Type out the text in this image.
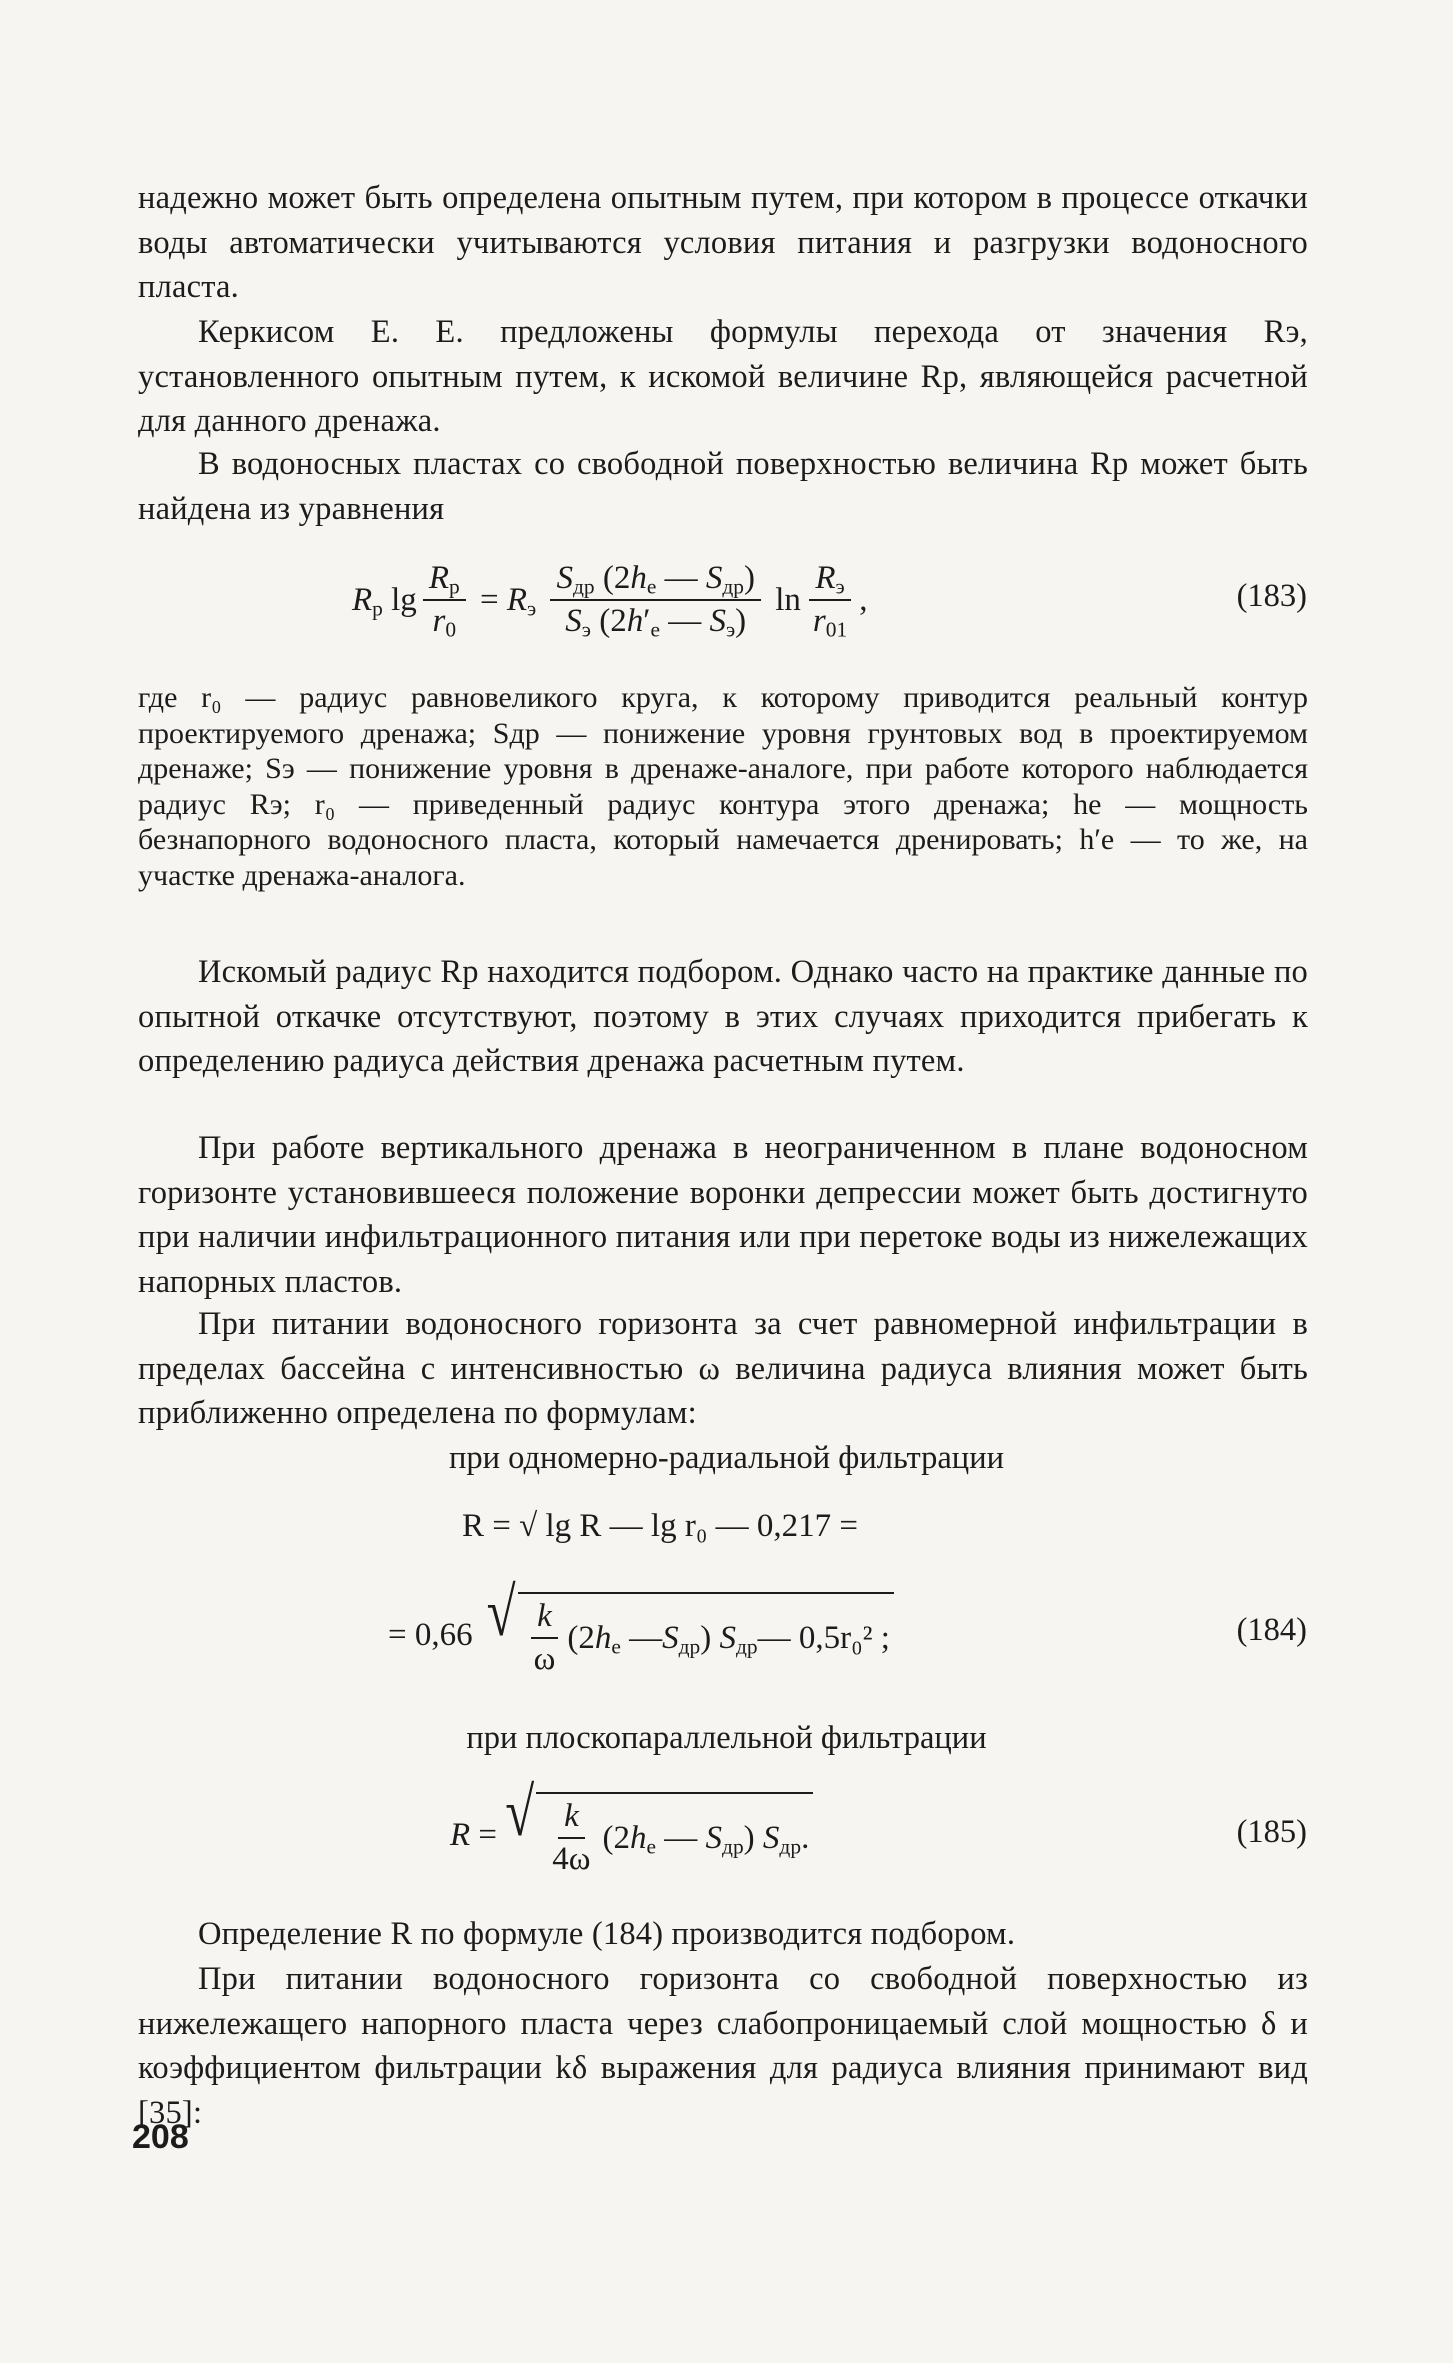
надежно может быть определена опытным путем, при котором в процессе откачки воды автоматически учитываются условия питания и разгрузки водоносного пласта.

Керкисом Е. Е. предложены формулы перехода от значения Rэ, установленного опытным путем, к искомой величине Rр, являющейся расчетной для данного дренажа.

В водоносных пластах со свободной поверхностью величина Rр может быть найдена из уравнения

$R_р$ $\lg \frac{R_р}{r_0} = R_э \frac{S_{др} (2h_e — S_{др})}{S_э (2h'_e — S_э)}$ $\ln \frac{R_э}{r_{01}}$ ,	(183)

где r₀ — радиус равновеликого круга, к которому приводится реальный контур проектируемого дренажа; Sдр — понижение уровня грунтовых вод в проектируемом дренаже; Sэ — понижение уровня в дренаже-аналоге, при работе которого наблюдается радиус Rэ; r₀ — приведенный радиус контура этого дренажа; he — мощность безнапорного водоносного пласта, который намечается дренировать; h′e — то же, на участке дренажа-аналога.

Искомый радиус Rр находится подбором. Однако часто на практике данные по опытной откачке отсутствуют, поэтому в этих случаях приходится прибегать к определению радиуса действия дренажа расчетным путем.

При работе вертикального дренажа в неограниченном в плане водоносном горизонте установившееся положение воронки депрессии может быть достигнуто при наличии инфильтрационного питания или при перетоке воды из нижележащих напорных пластов.

При питании водоносного горизонта за счет равномерной инфильтрации в пределах бассейна с интенсивностью ω величина радиуса влияния может быть приближенно определена по формулам:

при одномерно-радиальной фильтрации

R = √ lg R — lg r₀ — 0,217 =
= 0,66 √ $\frac{k}{\omega} (2h_e$ $—S_{др}$) $S_{др}$ — 0,5r₀² ;	(184)

при плоскопараллельной фильтрации

R = √ $\frac{k}{4\omega} (2h_e$ — $S_{др}$) $S_{др}$.	(185)

Определение R по формуле (184) производится подбором.

При питании водоносного горизонта со свободной поверхностью из нижележащего напорного пласта через слабопроницаемый слой мощностью δ и коэффициентом фильтрации kδ выражения для радиуса влияния принимают вид [35]:

208
